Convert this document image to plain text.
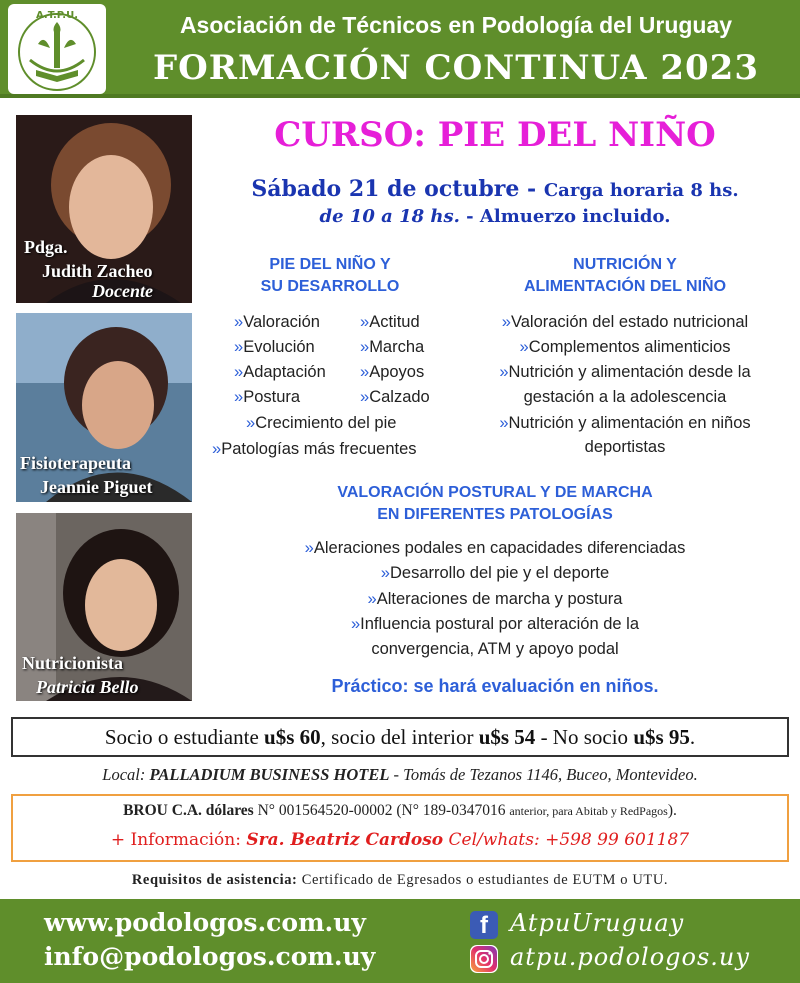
A.T.P.U.	Asociación de Técnicos en Podología del Uruguay
FORMACIÓN CONTINUA 2023
Pdga.
Judith Zacheo
Docente
Fisioterapeuta
Jeannie Piguet
Nutricionista
Patricia Bello
CURSO: PIE DEL NIÑO
Sábado 21 de octubre - Carga horaria 8 hs.
de 10 a 18 hs. - Almuerzo incluido.
PIE DEL NIÑO Y
SU DESARROLLO
»Valoración
»Evolución
»Adaptación
»Postura
»Actitud
»Marcha
»Apoyos
»Calzado
»Crecimiento del pie
»Patologías más frecuentes
NUTRICIÓN Y
ALIMENTACIÓN DEL NIÑO
»Valoración del estado nutricional
»Complementos alimenticios
»Nutrición y alimentación desde la
gestación a la adolescencia
»Nutrición y alimentación en niños
deportistas
VALORACIÓN POSTURAL Y DE MARCHA
EN DIFERENTES PATOLOGÍAS
»Aleraciones podales en capacidades diferenciadas
»Desarrollo del pie y el deporte
»Alteraciones de marcha y postura
»Influencia postural por alteración de la
convergencia, ATM y apoyo podal
Práctico: se hará evaluación en niños.
Socio o estudiante u$s 60, socio del interior u$s 54 - No socio u$s 95.
Local: PALLADIUM BUSINESS HOTEL - Tomás de Tezanos 1146, Buceo, Montevideo.
BROU C.A. dólares N° 001564520-00002 (N° 189-0347016 anterior, para Abitab y RedPagos).
+ Información: Sra. Beatriz Cardoso Cel/whats: +598 99 601187
Requisitos de asistencia: Certificado de Egresados o estudiantes de EUTM o UTU.
www.podologos.com.uy
info@podologos.com.uy
f AtpuUruguay
atpu.podologos.uy
